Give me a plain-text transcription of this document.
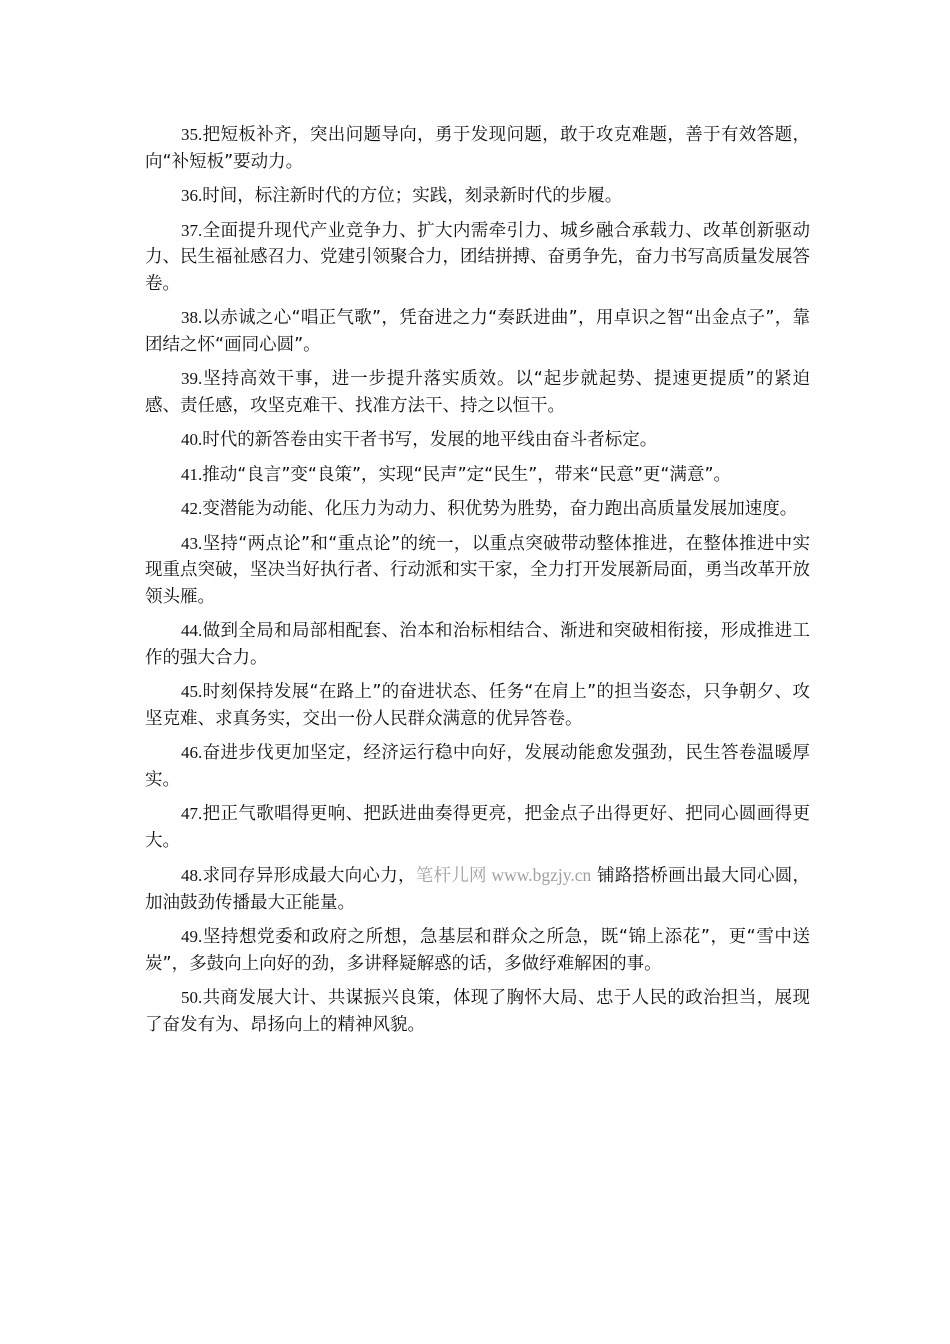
35.把短板补齐，突出问题导向，勇于发现问题，敢于攻克难题，善于有效答题，向“补短板”要动力。

36.时间，标注新时代的方位；实践，刻录新时代的步履。

37.全面提升现代产业竞争力、扩大内需牵引力、城乡融合承载力、改革创新驱动力、民生福祉感召力、党建引领聚合力，团结拼搏、奋勇争先，奋力书写高质量发展答卷。

38.以赤诚之心“唱正气歌”，凭奋进之力“奏跃进曲”，用卓识之智“出金点子”，靠团结之怀“画同心圆”。

39.坚持高效干事，进一步提升落实质效。以“起步就起势、提速更提质”的紧迫感、责任感，攻坚克难干、找准方法干、持之以恒干。

40.时代的新答卷由实干者书写，发展的地平线由奋斗者标定。

41.推动“良言”变“良策”，实现“民声”定“民生”，带来“民意”更“满意”。

42.变潜能为动能、化压力为动力、积优势为胜势，奋力跑出高质量发展加速度。

43.坚持“两点论”和“重点论”的统一，以重点突破带动整体推进，在整体推进中实现重点突破，坚决当好执行者、行动派和实干家，全力打开发展新局面，勇当改革开放领头雁。

44.做到全局和局部相配套、治本和治标相结合、渐进和突破相衔接，形成推进工作的强大合力。

45.时刻保持发展“在路上”的奋进状态、任务“在肩上”的担当姿态，只争朝夕、攻坚克难、求真务实，交出一份人民群众满意的优异答卷。

46.奋进步伐更加坚定，经济运行稳中向好，发展动能愈发强劲，民生答卷温暖厚实。

47.把正气歌唱得更响、把跃进曲奏得更亮，把金点子出得更好、把同心圆画得更大。

48.求同存异形成最大向心力，笔杆儿网 www.bgzjy.cn 铺路搭桥画出最大同心圆，加油鼓劲传播最大正能量。

49.坚持想党委和政府之所想，急基层和群众之所急，既“锦上添花”，更“雪中送炭”，多鼓向上向好的劲，多讲释疑解惑的话，多做纾难解困的事。

50.共商发展大计、共谋振兴良策，体现了胸怀大局、忠于人民的政治担当，展现了奋发有为、昂扬向上的精神风貌。
